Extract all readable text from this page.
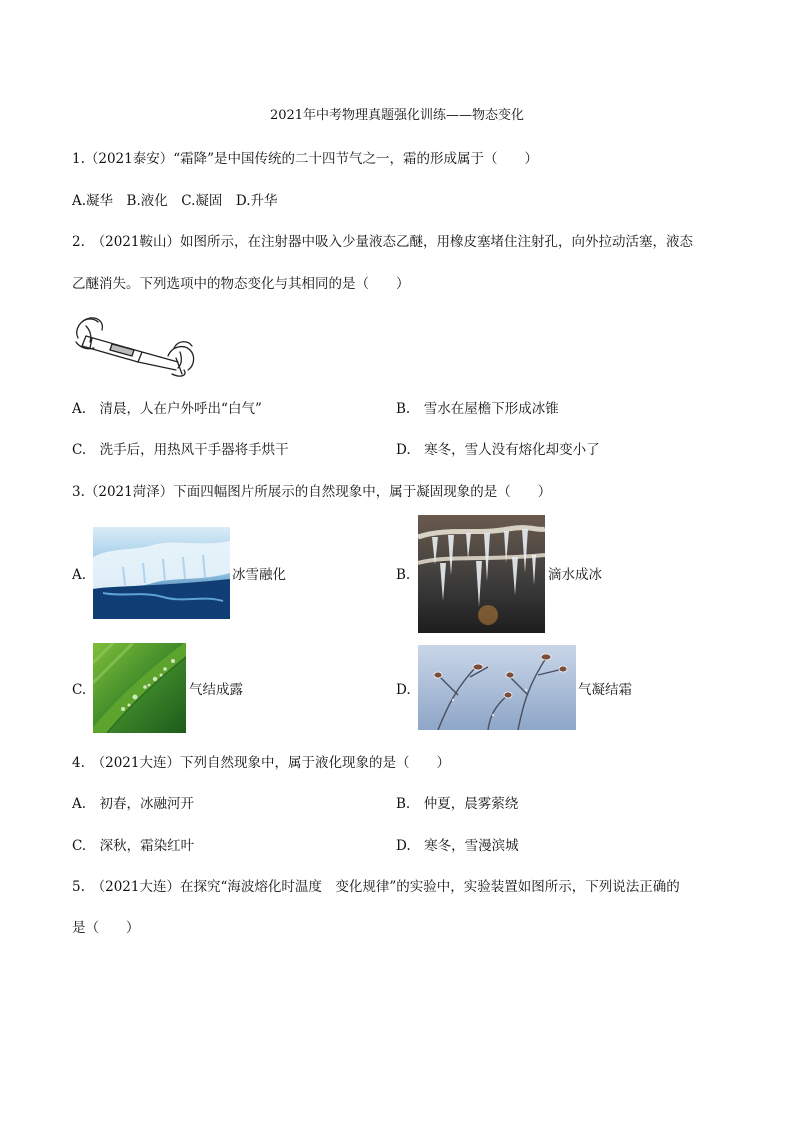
2021年中考物理真题强化训练——物态变化
1.（2021泰安）“霜降”是中国传统的二十四节气之一，霜的形成属于（　　）
A.凝华　B.液化　C.凝固　D.升华
2.　（2021鞍山）如图所示，在注射器中吸入少量液态乙醚，用橡皮塞堵住注射孔，向外拉动活塞，液态
乙醚消失。下列选项中的物态变化与其相同的是（　　）
A.　清晨，人在户外呼出“白气”	B.　雪水在屋檐下形成冰锥
C.　洗手后，用热风干手器将手烘干	D.　寒冬，雪人没有熔化却变小了
3.（2021菏泽）下面四幅图片所展示的自然现象中，属于凝固现象的是（　　）
A.	冰雪融化	B.	滴水成冰
C.	气结成露	D.	气凝结霜
4.　（2021大连）下列自然现象中，属于液化现象的是（　　）
A.　初春，冰融河开	B.　仲夏，晨雾萦绕
C.　深秋，霜染红叶	D.　寒冬，雪漫滨城
5.　（2021大连）在探究“海波熔化时温度　变化规律”的实验中，实验装置如图所示，下列说法正确的
是（　　）
